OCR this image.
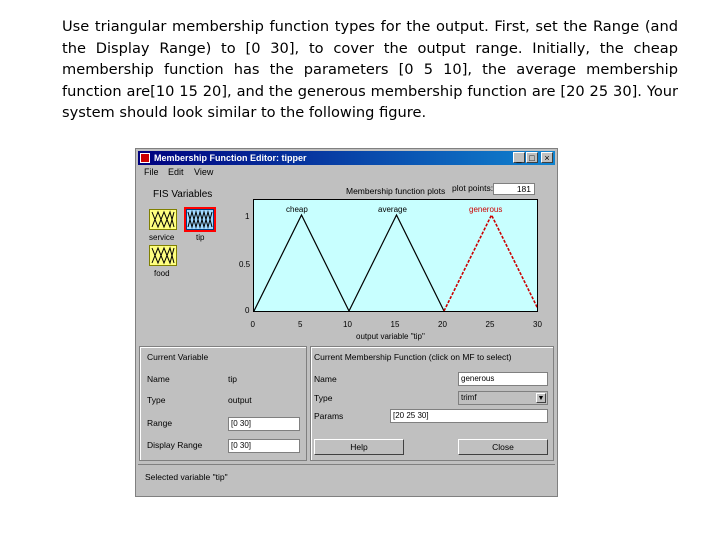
Use triangular membership function types for the output. First, set the Range (and the Display Range) to [0 30], to cover the output range. Initially, the cheap membership function has the parameters [0 5 10], the average membership function are[10 15 20], and the generous membership function are [20 25 30]. Your system should look similar to the following figure.
Membership Function Editor: tipper	_ □	×
File Edit View
FIS Variables
service	tip
food
Membership function plots plot points:	181
1
0.5
0
cheap	average	generous
0	5	10	15	20	25	30
output variable "tip"
Current Variable
Name	tip
Type	output
Range	[0 30]
Display Range	[0 30]
Current Membership Function (click on MF to select)
Name	generous
Type	trimf	▼
Params	[20 25 30]
Help	Close
Selected variable "tip"
